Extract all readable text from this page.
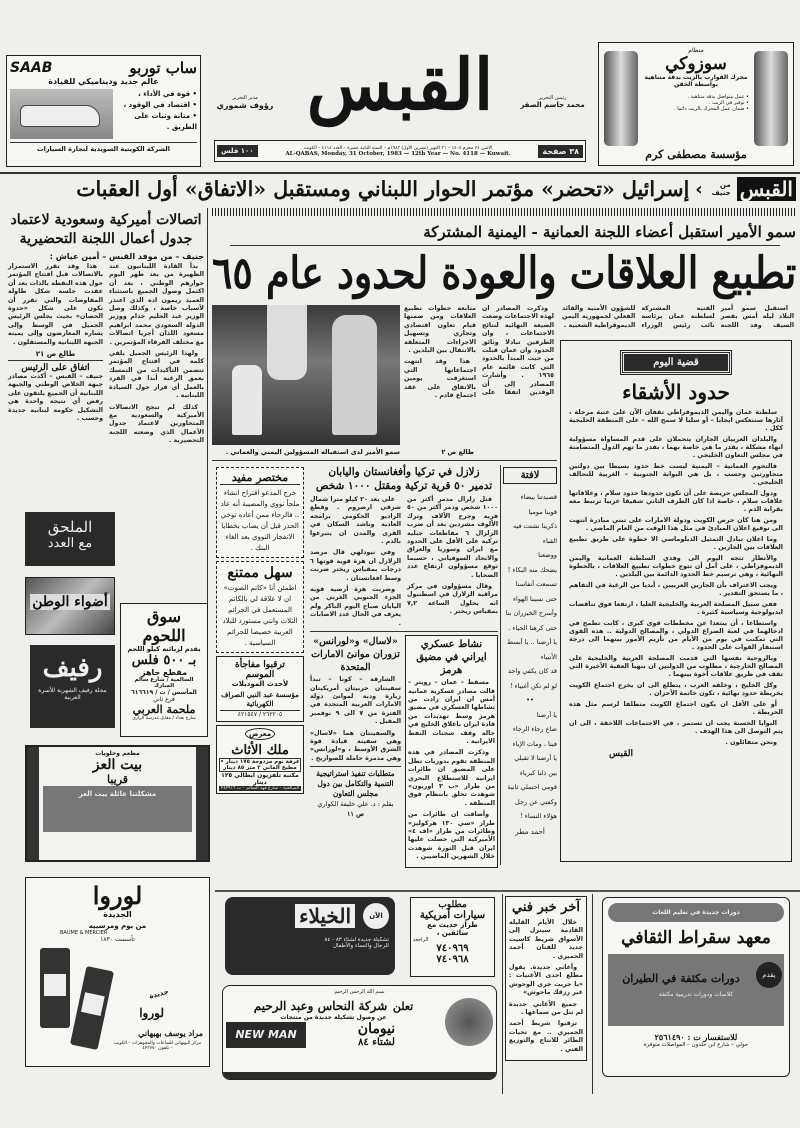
ساب توربو
SAAB
عالم جديد وديناميكي للقيادة
• قوة في الأداء ،
• اقتصاد في الوقود ،
• متانة وثبات على الطريق .
الشركة الكويتية السويدية لتجارة السيارات
القبس
مدير التحرير
رؤوف شموري
رئيس التحرير
محمد جاسم الصقر
٣٨ صفحة
الاثنين ٢٤ محرم ١٤٠٤ – ٣١ اكتوبر (تشرين الأول) ١٩٨٣م – السنة الثانية عشرة – العدد ٤١١٨ – الكويت
AL-QABAS, Monday, 31 October, 1983 — 12th Year — No. 4118 — Kuwait.
١٠٠ فلس
منظام
سوزوكي
محرك القوارب بالزيت بدقة متناهية بواسطة الحقن
• عمل متواصل بدقة متناهية .
• توفير في الزيت .
• ضمان عمل المحرك بالزيت دائما .
مؤسسة مصطفى كرم
القبس
من جنيف
›
إسرائيل «تحضر» مؤتمر الحوار اللبناني ومستقبل «الاتفاق» أول العقبات
اتصالات أميركية وسعودية لاعتماد جدول أعمال اللجنة التحضيرية
جنيف – من موفد القبس – أمين عياش :

بدأ القادة اللبنانيون عند الظهيرة من بعد ظهر اليوم حوارهم الوطني ، بعد أن اكتمل وصول الجميع باستثناء العميد ريمون اده الذي اعتذر لأسباب خاصة ، وكذلك وصل الوزير عبد الحليم خدام ووزير الدولة السعودي محمد ابراهيم مسعود اللذان أجريا اتصالات مع مختلف الفرقاء المؤتمرين .

ولهذا الرئيس الجميل يلقي كلمة في افتتاح المؤتمر تتضمن التأكيدات من التمسك بعمق الرغبة أبدا في الفرد بالعمل أي قرار حول السيادة اللبنانية .

كذلك لم تنجح الاتصالات الأميركية والسعودية مع المتحاورين لاعتماد جدول الأعمال الذي وضعته اللجنة التحضيرية .

هذا وقد تقرر الاستمرار بالاتصالات قبل افتتاح المؤتمر حول هذه النقطة بالذات بعد أن عقدت جلسة شكل طاولة المفاوضات والتي تقرر أن تكون على شكل «حدوة الحصان» بحيث يجلس الرئيس الجميل في الوسط وإلى يساره المعارضون وإلى يمينه الجبهة اللبنانية والمستقلون .

طالع ص ٢١
اتفاق على الرئيس
جنيف – القبس – أكدت مصادر جبهة الخلاص الوطني والجبهة اللبنانية أن الجميع يلتقون على رفض أي نتيجة واحدة هي التشكيل حكومة لبنانية جديدة وحسب .
سمو الأمير استقبل أعضاء اللجنة العمانية - اليمنية المشتركة
تطبيع العلاقات والعودة لحدود عام ٦٥
سمو الأمير لدى استقباله المسؤولين اليمني والعماني .

استقبل سمو أمير البلاد ليلة أمس بقصر السيف وفد اللجنة الفنية المشتركة لسلطنة عمان برئاسة نائب رئيس الوزراء للشؤون الأمنية والقائد الفعلي لجمهورية اليمن الديموقراطية الشعبية .

وذكرت المصادر ان لهذه الاجتماعات وضعت الصيغة النهائية لنتائج الاجتماعات ، وان الطرفين تبادلا وثائق الحدود وان عمان قبلت من حيث المبدأ بالحدود التي كانت قائمة عام ١٩٦٥ . وأشارت المصادر إلى أن الوفدين اتفقا على متابعة خطوات تطبيع العلاقات ومن ضمنها قيام تعاون اقتصادي وتجاري وتسهيل الاجراءات المتعلقة بالانتقال بين البلدين .

هذا وقد انتهت اجتماعاتها التي استغرقت يومين بالاتفاق على عقد اجتماع قادم .

طالع ص ٢
قضية اليوم
حدود الأشقاء

سلطنة عمان واليمن الديموقراطي تقفان الآن على عتبة مرحلة ، آثارها ستنعكس ايجابا – أو سلبا لا سمح الله – على المنطقة الخليجية ككل .

والبلدان العربيان الجاران يتحملان على قدم المساواة مسؤولية انهاء مشكلة ، بقدر ما هي خاصة بهما ، بقدر ما تهم الدول المتضامنة في مجلس التعاون الخليجي .

فالتخوم العمانية – اليمنية ليست خط حدود بسيطا بين دولتين متجاورتين وحسب ، بل هي البوابة الجنوبية – الغربية للتحالف الخليجي .

ودول المجلس حريصة على أن تكون حدودها حدود سلام ، وعلاقاتها علاقات سلام ، خاصة اذا كان الطرف الثاني شقيقا عربيا ترتبط معه بقرابة الدم .

ومن هنا كان حرص الكويت ودولة الامارات على تبني مبادرة انتهت الى توقيع اعلان المبادئ في مثل هذا الوقت من العام الماضي .

وما اعلان تبادل التمثيل الدبلوماسي الا خطوة على طريق تطبيع العلاقات بين الجارين .

والأنظار تتجه اليوم الى وفدي السلطنة العمانية واليمن الديموقراطي ، على أمل أن تتوج خطوات تطبيع العلاقات ، بالخطوة النهائية ، وهي ترسيم خط الحدود الدائمة بين البلدين .

ويجب الاعتراف بأن الجارين العربيين ، أبديا من الرغبة في التفاهم ، ما يستحق التقدير .

ففي سبيل المصلحة العربية والخليجية العليا ، ارتفعا فوق تناقضات ايديولوجية وسياسية كثيرة .

واستطاعا ، أن يبتعدا عن مخططات قوى كبرى ، كانت تطمح في ادخالهما في لعبة الصراع الدولي ، والمصالح الدولية .. هذه القوى التي تمكنت في يوم من الأيام من تأزيم الأمور بينهما الى درجة استنفار القوات على الحدود .

وبالروحية نفسها التي قدمت المصلحة العربية والخليجية على المصالح الخارجية ، مطلوب من الدولتين ان ينهيا العقبة الأخيرة التي تقف في طريق علاقات أخوة بينهما .

وكل الخليج ، وخلفه العرب ، يتطلع الى ان يخرج اجتماع الكويت بخريطة حدود نهائية ، تكون خاتمة الأحزان .

أو على الأقل ان يكون اجتماع الكويت منطلقا لرسم مثل هذه الخريطة .

النوايا الحسنة يجب ان تستمر ، في الاجتماعات اللاحقة ، الى ان يتم التوصل الى هذا الهدف .

ونحن متفائلون .

القبس
الملحق
مع العدد
أضواء الوطن
رفيف
مجلة رفيف الشهرية للأسرة العربية
سوق اللحوم
يقدم لزبائنه كيلو اللحم
بـ ٥٠٠ فلس
مقطع جاهز
السالمية / شارع سالم المبارك
المأسس / ت / ٦١٦٦١٩
فرع ثاني
ملحمة العربي
شارع بغداد / مقابل مدرسة الرازي
مطعم وحلويات
بيت العز
قريبا
مشكلتنا عائلة بيت العز
مختصر مفيد
خرج المدعو اقتراح انشاء ملجأ نووي والمصيبة أنه عاد .. فالرجاء ممن أعاده توخي الحذر قبل أن يصاب بخطايا الانفجار النووي بعد الغاء البنك .
سهل ممتنع
اطمئن أنا «كاتم الصوت» ان لا علاقة لي بالكاتم المستعمل في الجرائم الثلاث وانني مستورد للبلاد العربية خصيصا للجرائم السياسية .
ترقبوا مفاجأة الموسم
لأحدث الموديلات
مؤسسة عبد النبي الصراف الكهربائية
٢٦٢٢٠٥ / ٤٢١٥٤٧
معرض
ملك الأثاث
غرفة نوم مزدوجة ١٧٥ دينار • مطبخ ألماني ٢ متر ٨٥ دينار
مكتبة تلفزيون ايطالي ١٢٥ دينار
الصالحية – شارع فهد السالم – ت ٢٤٢٩١٦
زلازل في تركيا وأفغانستان واليابان
تدمير ٥٠ قرية تركية ومقتل ١٠٠٠ شخص

قتل زلزال مدمر أكثر من ١٠٠٠ شخص ودمر أكثر من ٥٠ قرية وجرح الآلاف وترك الآلوف مشردين بعد أن ضرب الزلزال ٦ مقاطعات جبلية تركية على الأقل على الحدود مع ايران وسوريا والعراق والاتحاد السوفياتي ، حسبما توقع مسؤولون ارتفاع عدد الضحايا .

وقال مسؤولون في مركز مراقبة الزلازل في اسطنبول انه بحلول الساعة ٧,٢ بمقياس ريختر .

على بعد ٢٠ كيلو مترا شمال شرقي ارضروم . وقطع الراديو الحكومي برامجه العادية وناشد السكان في القرى والمدن ان يتبرعوا بالدم .

وفي نيودلهي قال مرصد الزلازل ان هزة قوية قوتها ٦ درجات بمقياس ريختر ضربت وسط افغانستان .

وضربت هزة أرضية قوية الجزء الجنوبي الغربي من اليابان صباح اليوم الباكر ولم يعرف في الحال عدد الاصابات .

«لاسال» و«لورانس» تزوران موانئ الامارات المتحدة

الشارقة – كونا – تبدأ سفينتان حربيتان أمريكيتان زيارة ودية لموانئ دولة الامارات العربية المتحدة في الفترة من ٧ الى ٩ نوفمبر المقبل .

والسفينتان هما «لاسال» وهي سفينة قيادة قوة الشرق الأوسط ، و«لورانس» وهي مدمرة حاملة للصواريخ .

متطلبات تنفيذ استراتيجية التنمية والتكامل بين دول مجلس التعاون
بقلم : د. علي خليفة الكواري
ص ١١
نشاط عسكري ايراني في مضيق هرمز

مسقط – عمان – رويتر – قالت مصادر عسكرية عمانية أمس ان ايران زادت من نشاطها العسكري في مضيق هرمز وسط تهديدات من قادة ايران باغلاق الخليج في حالة وقف شحنات النفط الايرانية .

وذكرت المصادر في هذه المنطقة تقوم بدوريات تطل على المضيق ان طائرات ايرانية للاستطلاع البحري من طراز «ب ٣ اوريون» شوهدت تحلق بانتظام فوق المنطقة .

وأضافت ان طائرات من طراز «سي ١٣٠ هركوليز» وطائرات من طراز «اف ٤» الأميركية التي حصلت عليها ايران قبل الثورة شوهدت خلال الشهرين الماضيين .

لافتة
قصيدتنا بيضاء
قوينا موميا
ذكرينا نشتت فيه القباء
ووضعنا
يضحك منه البكاء !
تسمعت أنفاسنا
حتى نسينا الهواء
وأسرج الخيزران بنا
حتى كرهنا الحياء .
يا أرضنا .. يا أبسط الأنبياء
قد كان يكفي واحد
لو لم نكن أغبياء !
••
يا أرضنا
ضاع رجاء الرجاء
فينا ، ومات الإباء
يا أرضنا لا تقبلي
بين ذلنا كبرياء
قومي احتملي ثانية
وكفني عن رجل
هؤلاء النساء !
أحمد مطر
لوروا
الجديدة
من بوم ومرسييه
BAUME & MERCIER
تأسست ١٨٣٠
جديدة
لوروا
مراد يوسف بهبهاني
مركز البهبهاني للساعات والمجوهرات – الكويت – تلفون ٤٢٣٧٧٠
الآن
الخيلاء
تشكيلة جديدة لشتاء ٨٣ - ٨٤
للرجال والنساء والأطفال
مطلوب
سيارات أمريكية
طراز حديث مع سائقين ،
الراجعة
٧٤٠٩٦٩
٧٤٠٩٦٨
بسم الله الرحمن الرحيم
تعلن شركة النحاس وعبد الرحيم
عن وصول تشكيلة جديدة من منتجات
نيومان
لشتاء ٨٤
NEW MAN
آخر خبر فني

خلال الأيام القليلة القادمة سينزل إلى الأسواق شريط كاسيت جديد للفنان أحمد الجميري .

وأغاني جديدة. يقول مطلع احدى الأغنيات : «يا جريت جري الوحوش غير رزقك ماحوش»

جميع الأغاني جديدة لم تنل من سماعها .

ترقبوا شريط أحمد الجميري .. مع تحيات الطائر للانتاج والتوزيع الفني .

دورات جديدة في تعليم اللغات
معهد سقراط الثقافي
يقدم
دورات مكثفة في الطيران
كلاسات ودورات تدريبية مكثفة
للاستفسار ت : ٢٥٦١٤٩٠
حولي – شارع ابن خلدون – المواصلات متوفرة
